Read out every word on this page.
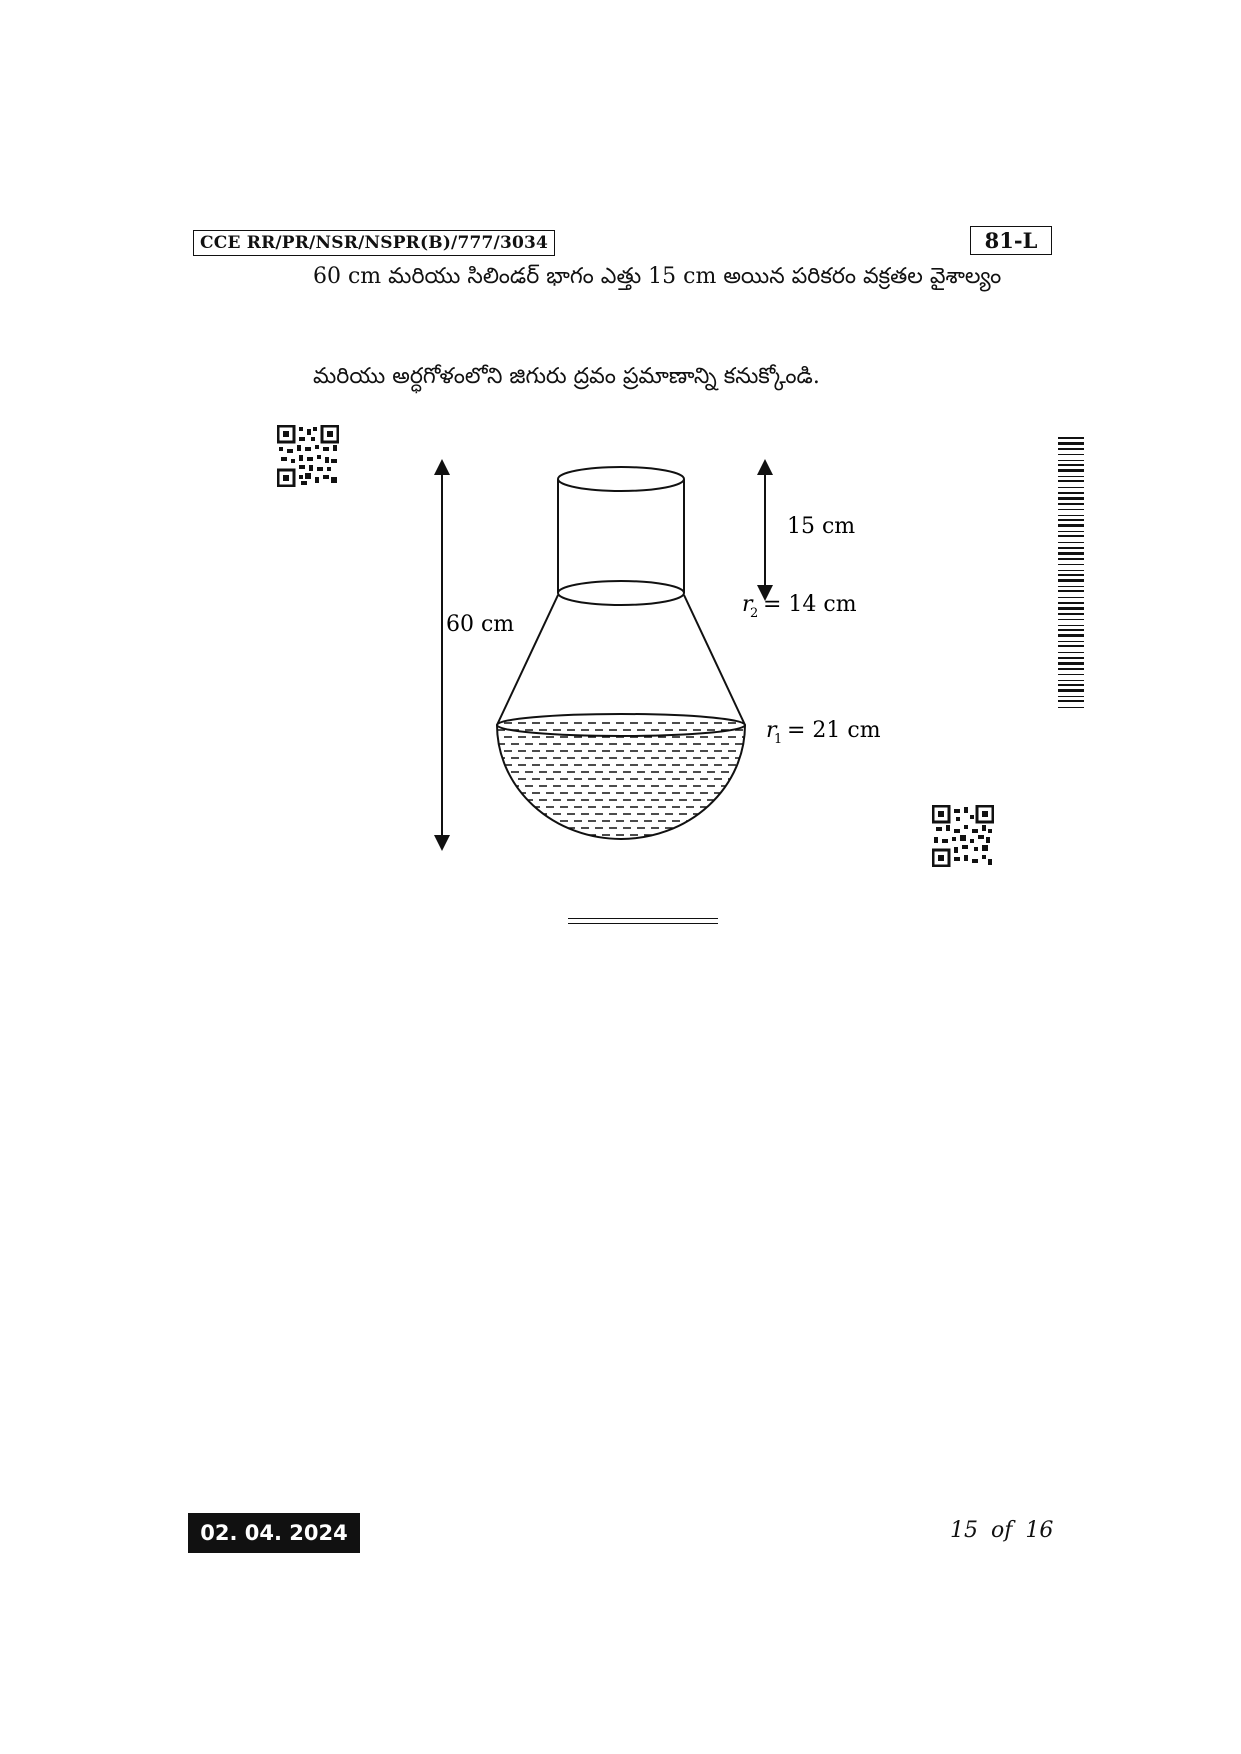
CCE RR/PR/NSR/NSPR(B)/777/3034	81-L
60 cm మరియు సిలిండర్ భాగం ఎత్తు 15 cm అయిన పరికరం వక్రతల వైశాల్యం
మరియు అర్ధగోళంలోని జిగురు ద్రవం ప్రమాణాన్ని కనుక్కోండి.
60 cm
15 cm
r
2 = 14 cm
r
1 = 21 cm
02. 04. 2024	15 of 16
